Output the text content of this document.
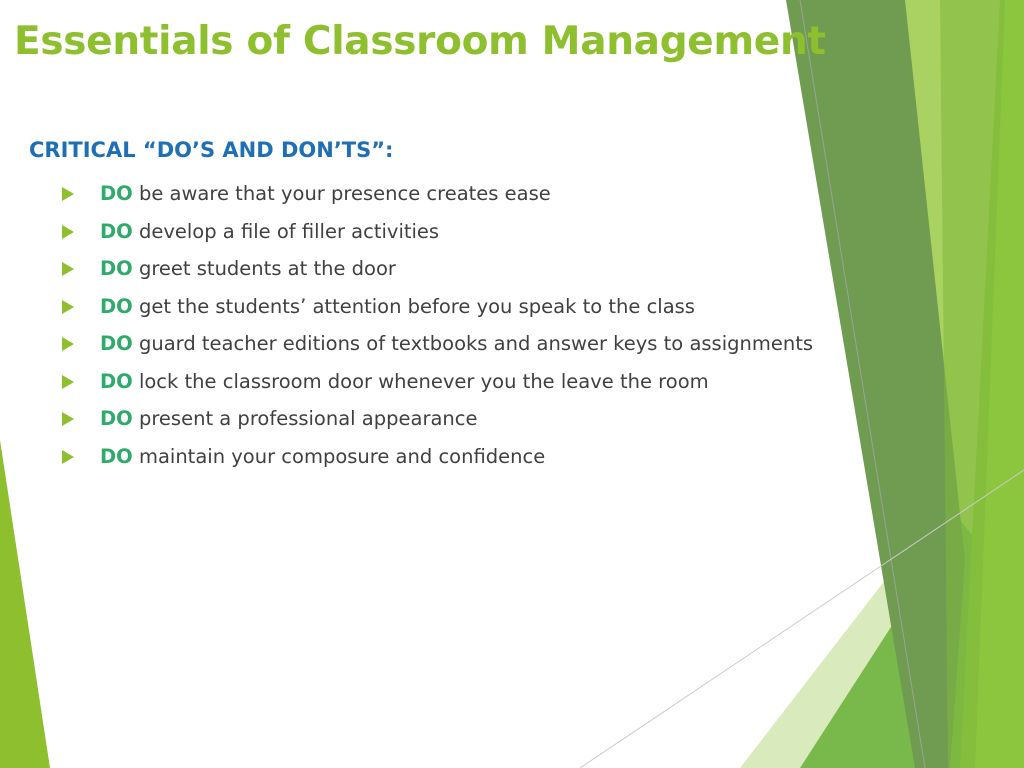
Essentials of Classroom Management
CRITICAL “DO’S AND DON’TS”:
DO be aware that your presence creates ease
DO develop a file of filler activities
DO greet students at the door
DO get the students’ attention before you speak to the class
DO guard teacher editions of textbooks and answer keys to assignments
DO lock the classroom door whenever you the leave the room
DO present a professional appearance
DO maintain your composure and confidence
